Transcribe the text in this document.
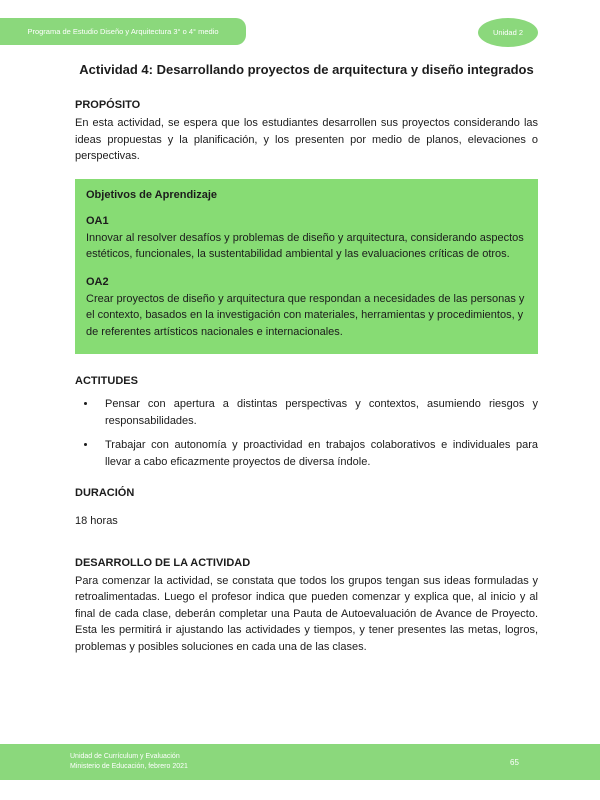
Programa de Estudio Diseño y Arquitectura 3° o 4° medio	Unidad 2
Actividad 4: Desarrollando proyectos de arquitectura y diseño integrados
PROPÓSITO

En esta actividad, se espera que los estudiantes desarrollen sus proyectos considerando las ideas propuestas y la planificación, y los presenten por medio de planos, elevaciones o perspectivas.

Objetivos de Aprendizaje
OA1

Innovar al resolver desafíos y problemas de diseño y arquitectura, considerando aspectos estéticos, funcionales, la sustentabilidad ambiental y las evaluaciones críticas de otros.

OA2

Crear proyectos de diseño y arquitectura que respondan a necesidades de las personas y el contexto, basados en la investigación con materiales, herramientas y procedimientos, y de referentes artísticos nacionales e internacionales.

ACTITUDES
• Pensar con apertura a distintas perspectivas y contextos, asumiendo riesgos y responsabilidades.
• Trabajar con autonomía y proactividad en trabajos colaborativos e individuales para llevar a cabo eficazmente proyectos de diversa índole.
DURACIÓN

18 horas

DESARROLLO DE LA ACTIVIDAD

Para comenzar la actividad, se constata que todos los grupos tengan sus ideas formuladas y retroalimentadas. Luego el profesor indica que pueden comenzar y explica que, al inicio y al final de cada clase, deberán completar una Pauta de Autoevaluación de Avance de Proyecto. Esta les permitirá ir ajustando las actividades y tiempos, y tener presentes las metas, logros, problemas y posibles soluciones en cada una de las clases.

Unidad de Currículum y Evaluación
Ministerio de Educación, febrero 2021	65
